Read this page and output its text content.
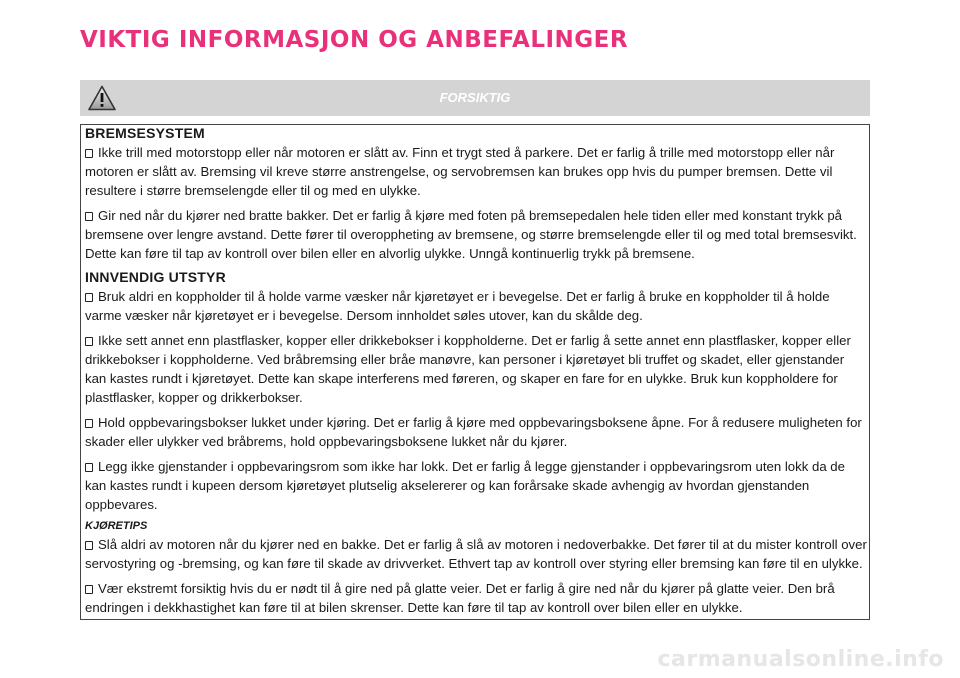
VIKTIG INFORMASJON OG ANBEFALINGER
FORSIKTIG
BREMSESYSTEM
Ikke trill med motorstopp eller når motoren er slått av. Finn et trygt sted å parkere. Det er farlig å trille med motorstopp eller når motoren er slått av. Bremsing vil kreve større anstrengelse, og servobremsen kan brukes opp hvis du pumper bremsen. Dette vil resultere i større bremselengde eller til og med en ulykke.
Gir ned når du kjører ned bratte bakker. Det er farlig å kjøre med foten på bremsepedalen hele tiden eller med konstant trykk på bremsene over lengre avstand. Dette fører til overoppheting av bremsene, og større bremselengde eller til og med total bremsesvikt. Dette kan føre til tap av kontroll over bilen eller en alvorlig ulykke. Unngå kontinuerlig trykk på bremsene.
INNVENDIG UTSTYR
Bruk aldri en koppholder til å holde varme væsker når kjøretøyet er i bevegelse. Det er farlig å bruke en koppholder til å holde varme væsker når kjøretøyet er i bevegelse. Dersom innholdet søles utover, kan du skålde deg.
Ikke sett annet enn plastflasker, kopper eller drikkebokser i koppholderne. Det er farlig å sette annet enn plastflasker, kopper eller drikkebokser i koppholderne. Ved bråbremsing eller bråe manøvre, kan personer i kjøretøyet bli truffet og skadet, eller gjenstander kan kastes rundt i kjøretøyet. Dette kan skape interferens med føreren, og skaper en fare for en ulykke. Bruk kun koppholdere for plastflasker, kopper og drikkerbokser.
Hold oppbevaringsbokser lukket under kjøring. Det er farlig å kjøre med oppbevaringsboksene åpne. For å redusere muligheten for skader eller ulykker ved bråbrems, hold oppbevaringsboksene lukket når du kjører.
Legg ikke gjenstander i oppbevaringsrom som ikke har lokk. Det er farlig å legge gjenstander i oppbevaringsrom uten lokk da de kan kastes rundt i kupeen dersom kjøretøyet plutselig akselererer og kan forårsake skade avhengig av hvordan gjenstanden oppbevares.
KJØRETIPS
Slå aldri av motoren når du kjører ned en bakke. Det er farlig å slå av motoren i nedoverbakke. Det fører til at du mister kontroll over servostyring og -bremsing, og kan føre til skade av drivverket. Ethvert tap av kontroll over styring eller bremsing kan føre til en ulykke.
Vær ekstremt forsiktig hvis du er nødt til å gire ned på glatte veier. Det er farlig å gire ned når du kjører på glatte veier. Den brå endringen i dekkhastighet kan føre til at bilen skrenser. Dette kan føre til tap av kontroll over bilen eller en ulykke.
carmanualsonline.info
